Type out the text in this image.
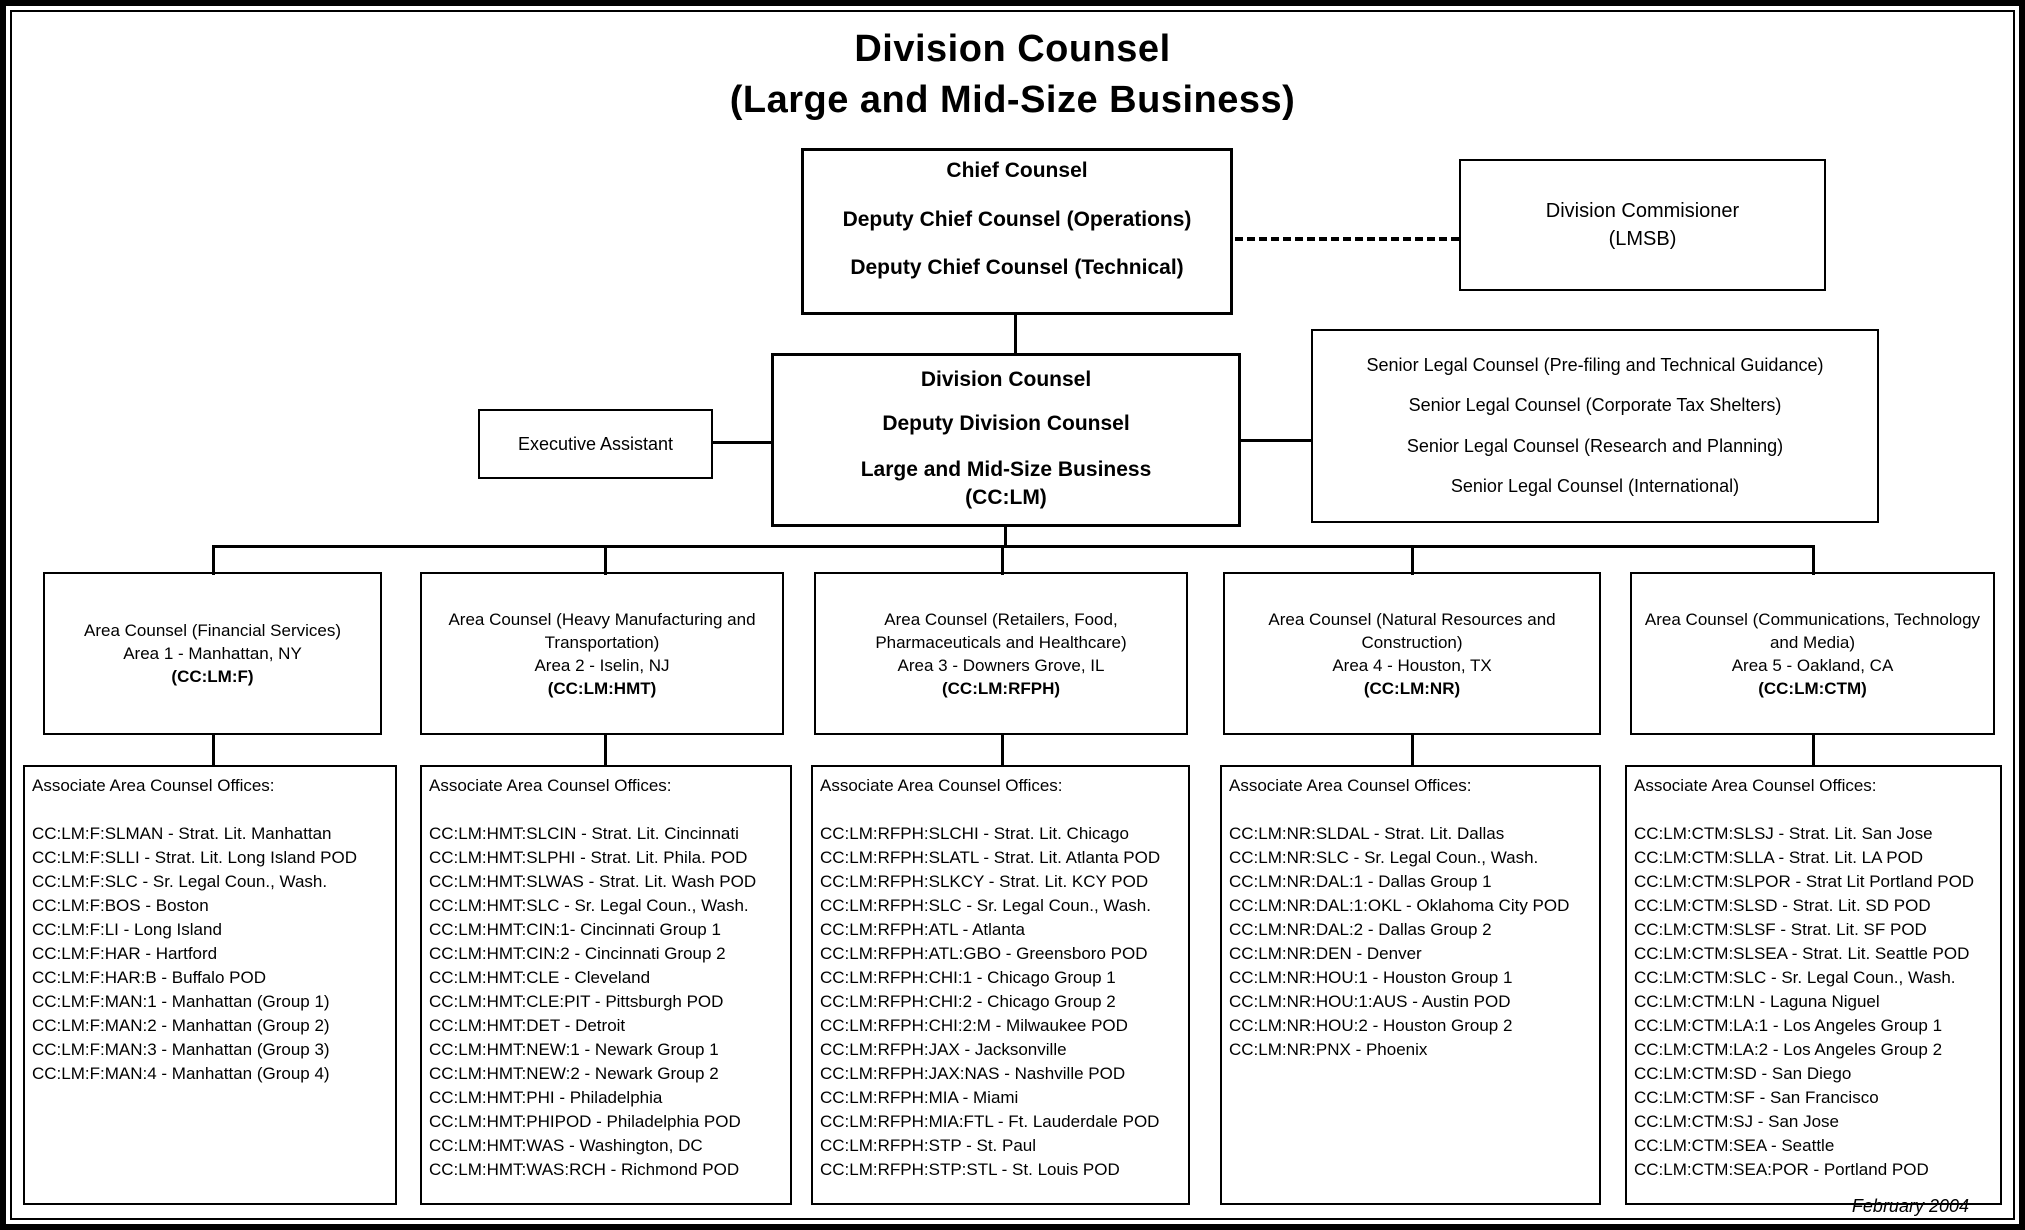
Division Counsel
(Large and Mid-Size Business)
Chief Counsel
Deputy Chief Counsel (Operations)
Deputy Chief Counsel (Technical)
Division Commisioner
(LMSB)
Division Counsel
Deputy Division Counsel
Large and Mid-Size Business
(CC:LM)
Executive Assistant
Senior Legal Counsel (Pre-filing and Technical Guidance)
Senior Legal Counsel (Corporate Tax Shelters)
Senior Legal Counsel (Research and Planning)
Senior Legal Counsel (International)
Area Counsel (Financial Services)
Area 1 - Manhattan, NY
(CC:LM:F)
Area Counsel (Heavy Manufacturing and Transportation)
Area 2 - Iselin, NJ
(CC:LM:HMT)
Area Counsel (Retailers, Food, Pharmaceuticals and Healthcare)
Area 3 - Downers Grove, IL
(CC:LM:RFPH)
Area Counsel (Natural Resources and Construction)
Area 4 - Houston, TX
(CC:LM:NR)
Area Counsel (Communications, Technology and Media)
Area 5 - Oakland, CA
(CC:LM:CTM)
Associate Area Counsel Offices:
CC:LM:F:SLMAN - Strat. Lit. Manhattan
CC:LM:F:SLLI - Strat. Lit. Long Island POD
CC:LM:F:SLC - Sr. Legal Coun., Wash.
CC:LM:F:BOS - Boston
CC:LM:F:LI - Long Island
CC:LM:F:HAR - Hartford
CC:LM:F:HAR:B - Buffalo POD
CC:LM:F:MAN:1 - Manhattan (Group 1)
CC:LM:F:MAN:2 - Manhattan (Group 2)
CC:LM:F:MAN:3 - Manhattan (Group 3)
CC:LM:F:MAN:4 - Manhattan (Group 4)
Associate Area Counsel Offices:
CC:LM:HMT:SLCIN - Strat. Lit. Cincinnati
CC:LM:HMT:SLPHI - Strat. Lit. Phila. POD
CC:LM:HMT:SLWAS - Strat. Lit. Wash POD
CC:LM:HMT:SLC - Sr. Legal Coun., Wash.
CC:LM:HMT:CIN:1- Cincinnati Group 1
CC:LM:HMT:CIN:2 - Cincinnati Group 2
CC:LM:HMT:CLE - Cleveland
CC:LM:HMT:CLE:PIT - Pittsburgh POD
CC:LM:HMT:DET - Detroit
CC:LM:HMT:NEW:1 - Newark Group 1
CC:LM:HMT:NEW:2 - Newark Group 2
CC:LM:HMT:PHI - Philadelphia
CC:LM:HMT:PHIPOD - Philadelphia POD
CC:LM:HMT:WAS - Washington, DC
CC:LM:HMT:WAS:RCH - Richmond POD
Associate Area Counsel Offices:
CC:LM:RFPH:SLCHI - Strat. Lit. Chicago
CC:LM:RFPH:SLATL - Strat. Lit. Atlanta POD
CC:LM:RFPH:SLKCY - Strat. Lit. KCY POD
CC:LM:RFPH:SLC - Sr. Legal Coun., Wash.
CC:LM:RFPH:ATL - Atlanta
CC:LM:RFPH:ATL:GBO - Greensboro POD
CC:LM:RFPH:CHI:1 - Chicago Group 1
CC:LM:RFPH:CHI:2 - Chicago Group 2
CC:LM:RFPH:CHI:2:M - Milwaukee POD
CC:LM:RFPH:JAX - Jacksonville
CC:LM:RFPH:JAX:NAS - Nashville POD
CC:LM:RFPH:MIA - Miami
CC:LM:RFPH:MIA:FTL - Ft. Lauderdale POD
CC:LM:RFPH:STP - St. Paul
CC:LM:RFPH:STP:STL - St. Louis POD
Associate Area Counsel Offices:
CC:LM:NR:SLDAL - Strat. Lit. Dallas
CC:LM:NR:SLC - Sr. Legal Coun., Wash.
CC:LM:NR:DAL:1 - Dallas Group 1
CC:LM:NR:DAL:1:OKL - Oklahoma City POD
CC:LM:NR:DAL:2 - Dallas Group 2
CC:LM:NR:DEN - Denver
CC:LM:NR:HOU:1 - Houston Group 1
CC:LM:NR:HOU:1:AUS - Austin POD
CC:LM:NR:HOU:2 - Houston Group 2
CC:LM:NR:PNX - Phoenix
Associate Area Counsel Offices:
CC:LM:CTM:SLSJ - Strat. Lit. San Jose
CC:LM:CTM:SLLA - Strat. Lit. LA POD
CC:LM:CTM:SLPOR - Strat Lit Portland POD
CC:LM:CTM:SLSD - Strat. Lit. SD POD
CC:LM:CTM:SLSF - Strat. Lit. SF POD
CC:LM:CTM:SLSEA - Strat. Lit. Seattle POD
CC:LM:CTM:SLC - Sr. Legal Coun., Wash.
CC:LM:CTM:LN - Laguna Niguel
CC:LM:CTM:LA:1 - Los Angeles Group 1
CC:LM:CTM:LA:2 - Los Angeles Group 2
CC:LM:CTM:SD - San Diego
CC:LM:CTM:SF - San Francisco
CC:LM:CTM:SJ - San Jose
CC:LM:CTM:SEA - Seattle
CC:LM:CTM:SEA:POR - Portland POD
February 2004
